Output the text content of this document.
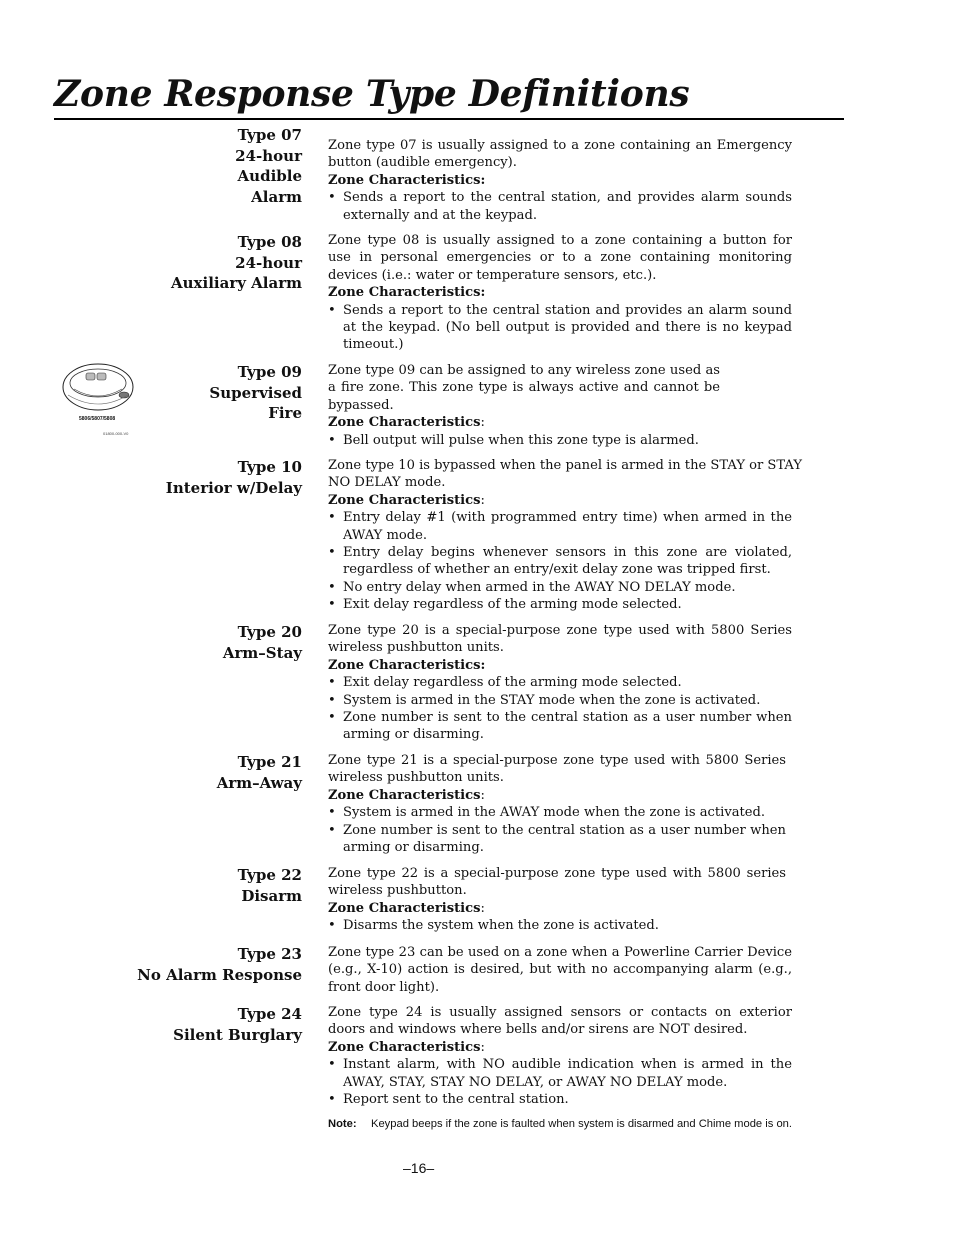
Zone Response Type Definitions
5806/5807/5808
01800-000-V0
Type 07
24-hour
Audible
Alarm

Zone type 07 is usually assigned to a zone containing an Emergency button (audible emergency).

Zone Characteristics:
• Sends a report to the central station, and provides alarm sounds externally and at the keypad.
Type 08
24-hour
Auxiliary Alarm

Zone type 08 is usually assigned to a zone containing a button for use in personal emergencies or to a zone containing monitoring devices (i.e.: water or temperature sensors, etc.).

Zone Characteristics:
• Sends a report to the central station and provides an alarm sound at the keypad. (No bell output is provided and there is no keypad timeout.)
Type 09
Supervised
Fire

Zone type 09 can be assigned to any wireless zone used as a fire zone. This zone type is always active and cannot be bypassed.

Zone Characteristics:
• Bell output will pulse when this zone type is alarmed.
Type 10
Interior w/Delay

Zone type 10 is bypassed when the panel is armed in the STAY or STAY NO DELAY mode.

Zone Characteristics:
• Entry delay #1 (with programmed entry time) when armed in the AWAY mode.
• Entry delay begins whenever sensors in this zone are violated, regardless of whether an entry/exit delay zone was tripped first.
• No entry delay when armed in the AWAY NO DELAY mode.
• Exit delay regardless of the arming mode selected.
Type 20
Arm–Stay

Zone type 20 is a special-purpose zone type used with 5800 Series wireless pushbutton units.

Zone Characteristics:
• Exit delay regardless of the arming mode selected.
• System is armed in the STAY mode when the zone is activated.
• Zone number is sent to the central station as a user number when arming or disarming.
Type 21
Arm–Away

Zone type 21 is a special-purpose zone type used with 5800 Series wireless pushbutton units.

Zone Characteristics:
• System is armed in the AWAY mode when the zone is activated.
• Zone number is sent to the central station as a user number when arming or disarming.
Type 22
Disarm

Zone type 22 is a special-purpose zone type used with 5800 series wireless pushbutton.

Zone Characteristics:
• Disarms the system when the zone is activated.
Type 23
No Alarm Response

Zone type 23 can be used on a zone when a Powerline Carrier Device (e.g., X-10) action is desired, but with no accompanying alarm (e.g., front door light).

Type 24
Silent Burglary

Zone type 24 is usually assigned sensors or contacts on exterior doors and windows where bells and/or sirens are NOT desired.

Zone Characteristics:
• Instant alarm, with NO audible indication when is armed in the AWAY, STAY, STAY NO DELAY, or AWAY NO DELAY mode.
• Report sent to the central station.
Note: Keypad beeps if the zone is faulted when system is disarmed and Chime mode is on.
–16–
